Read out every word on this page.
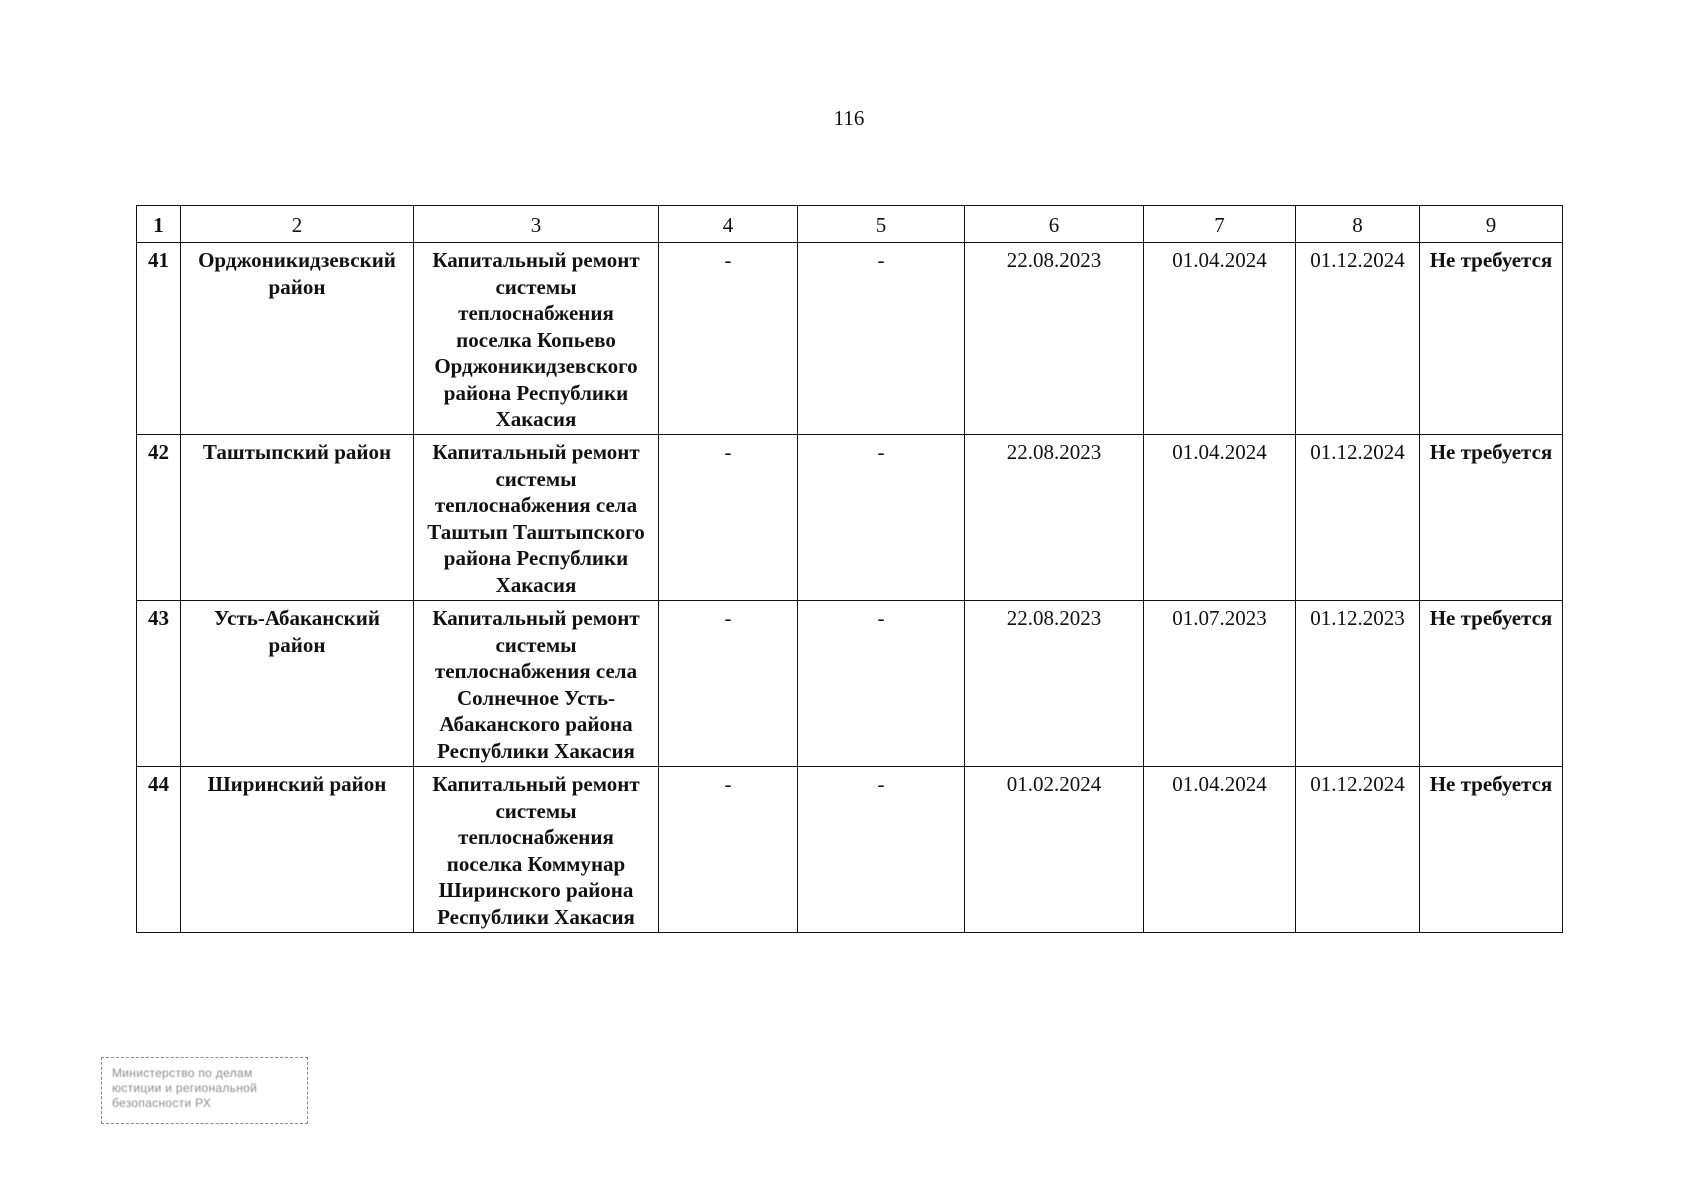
116
1	2	3	4	5	6	7	8	9
41	Орджоникидзевский район	Капитальный ремонт системы теплоснабжения поселка Копьево Орджоникидзевского района Республики Хакасия	-	-	22.08.2023	01.04.2024	01.12.2024	Не требуется
42	Таштыпский район	Капитальный ремонт системы теплоснабжения села Таштып Таштыпского района Республики Хакасия	-	-	22.08.2023	01.04.2024	01.12.2024	Не требуется
43	Усть-Абаканский район	Капитальный ремонт системы теплоснабжения села Солнечное Усть-Абаканского района Республики Хакасия	-	-	22.08.2023	01.07.2023	01.12.2023	Не требуется
44	Ширинский район	Капитальный ремонт системы теплоснабжения поселка Коммунар Ширинского района Республики Хакасия	-	-	01.02.2024	01.04.2024	01.12.2024	Не требуется
Министерство по делам
юстиции и региональной
безопасности РХ
